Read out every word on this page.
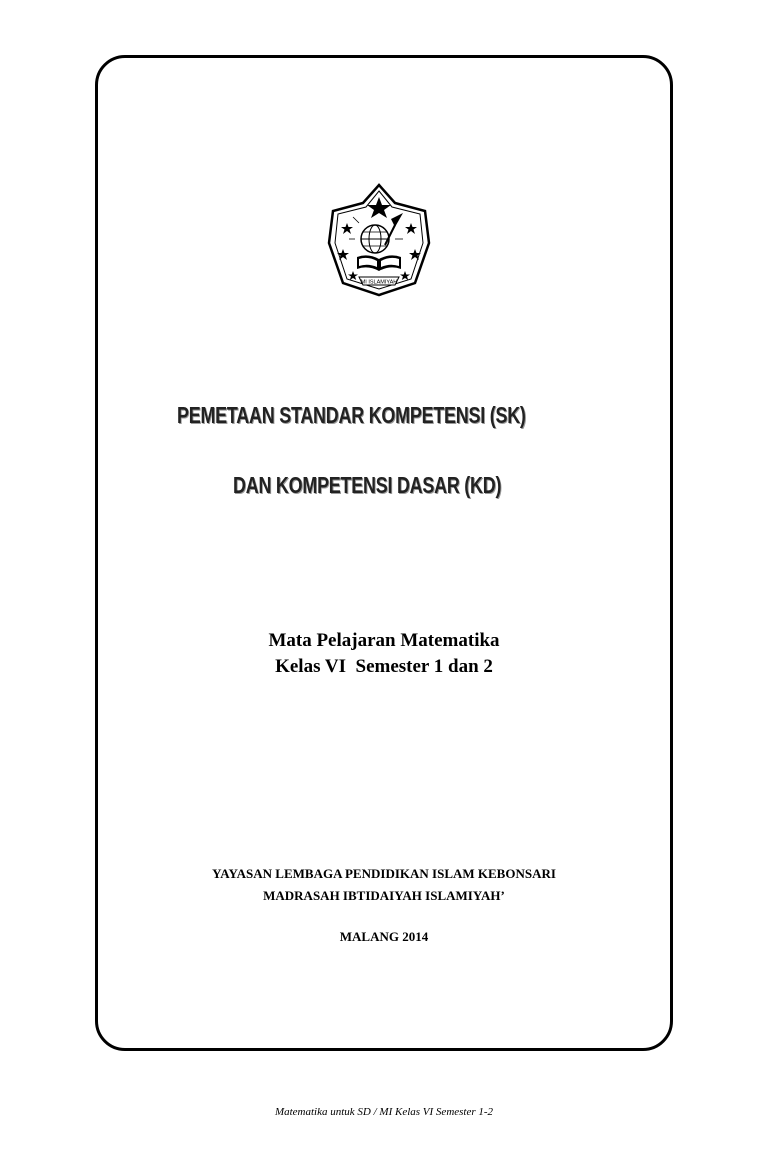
MI ISLAMIYAH
PEMETAAN STANDAR KOMPETENSI (SK)
DAN KOMPETENSI DASAR (KD)
Mata Pelajaran Matematika
Kelas VI  Semester 1 dan 2
YAYASAN LEMBAGA PENDIDIKAN ISLAM KEBONSARI
MADRASAH IBTIDAIYAH ISLAMIYAH’
MALANG 2014
Matematika untuk SD / MI Kelas VI Semester 1-2
